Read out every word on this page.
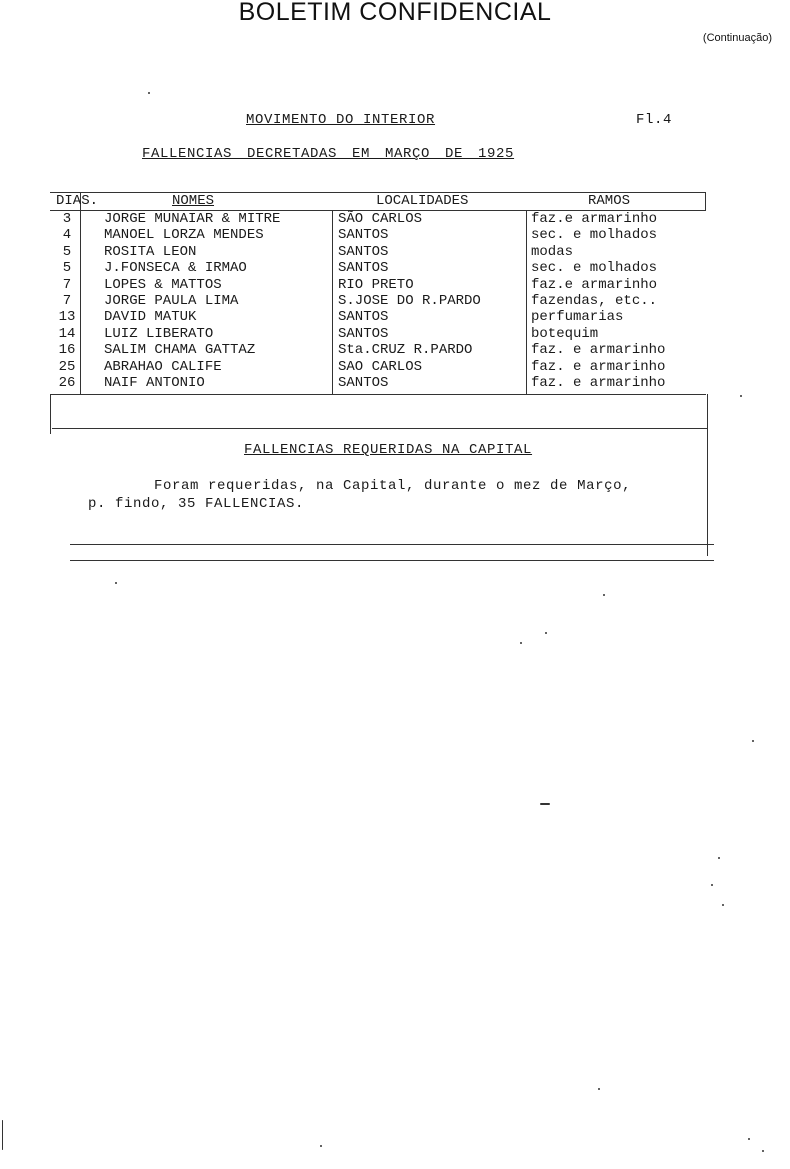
BOLETIM CONFIDENCIAL
(Continuação)
MOVIMENTO DO INTERIOR	Fl.4
FALLENCIAS DECRETADAS EM MARÇO DE 1925
DIAS.	NOMES	LOCALIDADES	RAMOS
3	JORGE MUNAIAR & MITRE	SÃO CARLOS	faz.e armarinho
4	MANOEL LORZA MENDES	SANTOS	sec. e molhados
5	ROSITA LEON	SANTOS	modas
5	J.FONSECA & IRMAO	SANTOS	sec. e molhados
7	LOPES & MATTOS	RIO PRETO	faz.e armarinho
7	JORGE PAULA LIMA	S.JOSE DO R.PARDO	fazendas, etc..
13 DAVID MATUK	SANTOS	perfumarias
14 LUIZ LIBERATO	SANTOS	botequim
16 SALIM CHAMA GATTAZ	Sta.CRUZ R.PARDO	faz. e armarinho
25 ABRAHAO CALIFE	SAO CARLOS	faz. e armarinho
26 NAIF ANTONIO	SANTOS	faz. e armarinho
FALLENCIAS REQUERIDAS NA CAPITAL
Foram requeridas, na Capital, durante o mez de Março,
p. findo, 35 FALLENCIAS.
